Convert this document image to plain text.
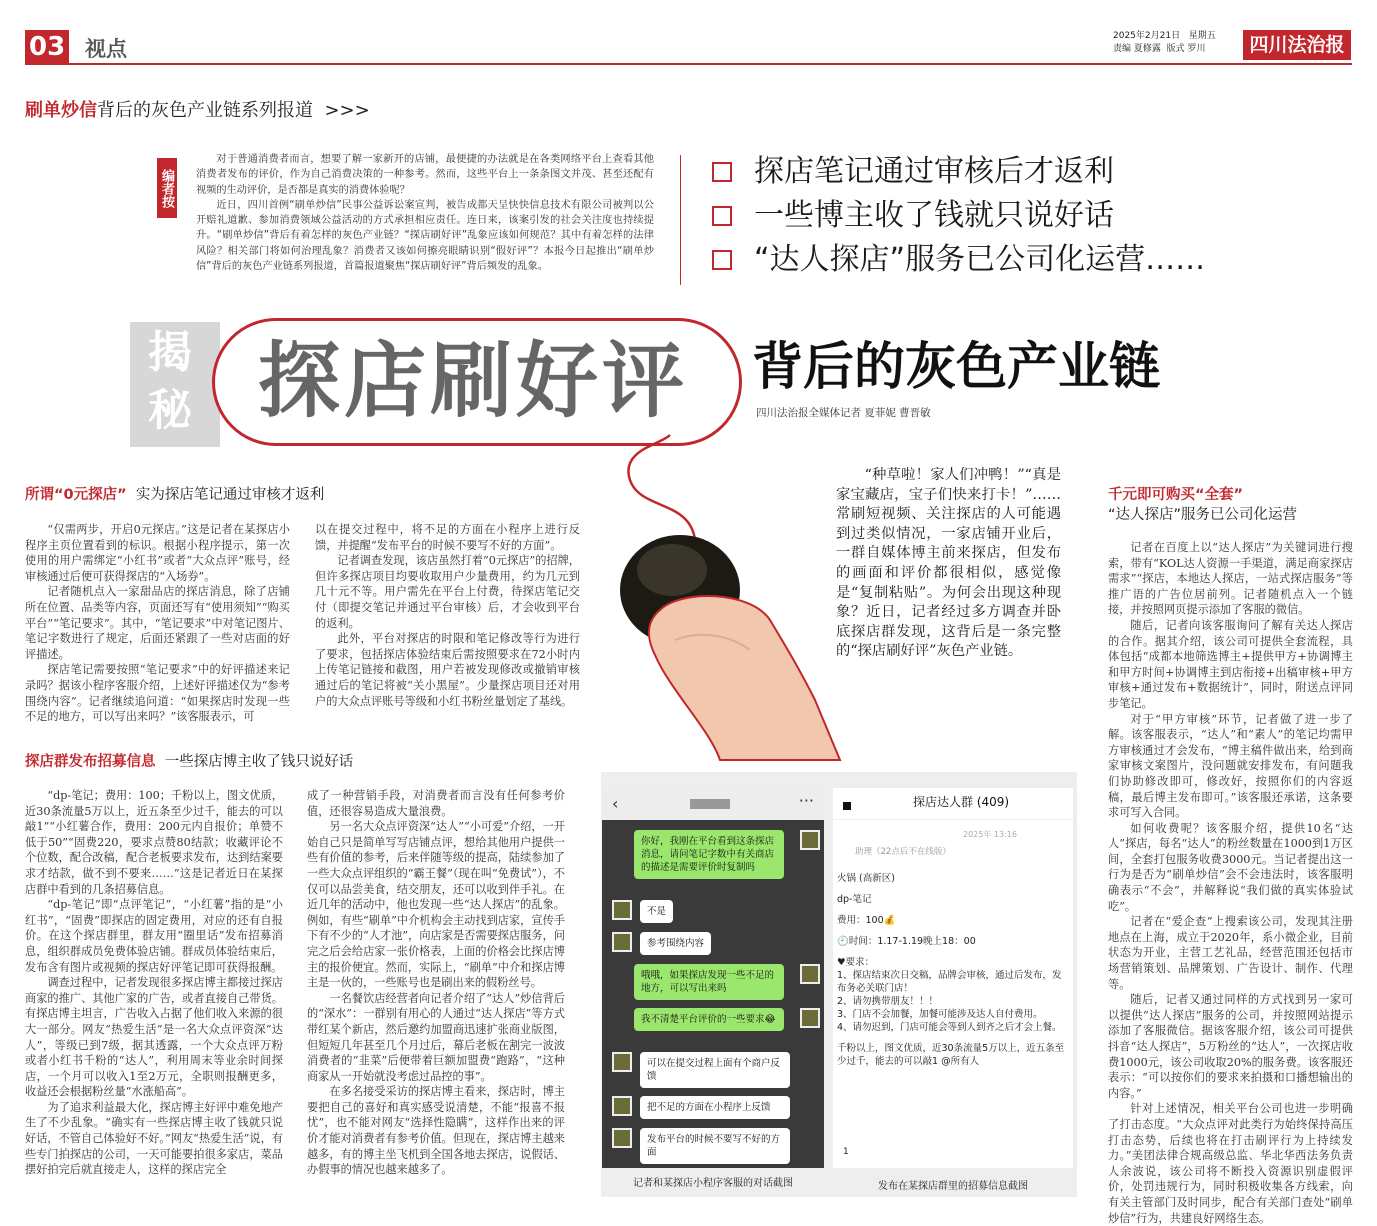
03 视点
2025年2月21日 星期五
责编 夏修露 版式 罗川	四川法治报
刷单炒信背后的灰色产业链系列报道 >>>
编者按

对于普通消费者而言，想要了解一家新开的店铺，最便捷的办法就是在各类网络平台上查看其他消费者发布的评价，作为自己消费决策的一种参考。然而，这些平台上一条条图文并茂、甚至还配有视频的生动评价，是否都是真实的消费体验呢？

近日，四川首例“刷单炒信”民事公益诉讼案宣判，被告成都天呈快快信息技术有限公司被判以公开赔礼道歉、参加消费领域公益活动的方式承担相应责任。连日来，该案引发的社会关注度也持续提升。“刷单炒信”背后有着怎样的灰色产业链？“探店刷好评”乱象应该如何规范？其中有着怎样的法律风险？相关部门将如何治理乱象？消费者又该如何擦亮眼睛识别“假好评”？本报今日起推出“刷单炒信”背后的灰色产业链系列报道，首篇报道聚焦“探店刷好评”背后频发的乱象。

探店笔记通过审核后才返利
一些博主收了钱就只说好话
“达人探店”服务已公司化运营……
揭秘 探店刷好评 背后的灰色产业链
四川法治报全媒体记者 夏菲妮 曹晋敏
“种草啦！家人们冲鸭！”“真是家宝藏店，宝子们快来打卡！”……常刷短视频、关注探店的人可能遇到过类似情况，一家店铺开业后，一群自媒体博主前来探店，但发布的画面和评价都很相似，感觉像是“复制粘贴”。为何会出现这种现象？近日，记者经过多方调查并卧底探店群发现，这背后是一条完整的“探店刷好评”灰色产业链。
所谓“0元探店” 实为探店笔记通过审核才返利

“仅需两步，开启0元探店。”这是记者在某探店小程序主页位置看到的标识。根据小程序提示，第一次使用的用户需绑定“小红书”或者“大众点评”账号，经审核通过后便可获得探店的“入场券”。

记者随机点入一家甜品店的探店消息，除了店铺所在位置、品类等内容，页面还写有“使用须知”“购买平台”“笔记要求”。其中，“笔记要求”中对笔记图片、笔记字数进行了规定，后面还紧跟了一些对店面的好评描述。

探店笔记需要按照“笔记要求”中的好评描述来记录吗？据该小程序客服介绍，上述好评描述仅为“参考围绕内容”。记者继续追问道：“如果探店时发现一些不足的地方，可以写出来吗？”该客服表示，可

以在提交过程中，将不足的方面在小程序上进行反馈，并提醒“发布平台的时候不要写不好的方面”。

记者调查发现，该店虽然打着“0元探店”的招牌，但许多探店项目均要收取用户少量费用，约为几元到几十元不等。用户需先在平台上付费，待探店笔记交付（即提交笔记并通过平台审核）后，才会收到平台的返利。

此外，平台对探店的时限和笔记修改等行为进行了要求，包括探店体验结束后需按照要求在72小时内上传笔记链接和截图，用户若被发现修改或撤销审核通过后的笔记将被“关小黑屋”。少量探店项目还对用户的大众点评账号等级和小红书粉丝量划定了基线。

探店群发布招募信息 一些探店博主收了钱只说好话

“dp-笔记；费用：100；千粉以上，图文优质，近30条流量5万以上，近五条至少过千，能去的可以敲1”“小红薯合作，费用：200元内自报价；单赞不低于50”“固费220，要求点赞80结款；收藏评论不个位数，配合改稿，配合老板要求发布，达到结案要求才结款，做不到不要来……”这是记者近日在某探店群中看到的几条招募信息。

“dp-笔记”即“点评笔记”，“小红薯”指的是“小红书”，“固费”即探店的固定费用，对应的还有自报价。在这个探店群里，群友用“圈里话”发布招募消息，组织群成员免费体验店铺。群成员体验结束后，发布含有图片或视频的探店好评笔记即可获得报酬。

调查过程中，记者发现很多探店博主都接过探店商家的推广、其他广家的广告，或者直接自己带货。有探店博主坦言，广告收入占据了他们收入来源的很大一部分。网友“热爱生活”是一名大众点评资深“达人”，等级已到7级，据其透露，一个大众点评万粉或者小红书千粉的“达人”，利用周末等业余时间探店，一个月可以收入1至2万元，全职则报酬更多，收益还会根据粉丝量“水涨船高”。

为了追求利益最大化，探店博主好评中难免地产生了不少乱象。“确实有一些探店博主收了钱就只说好话，不管自己体验好不好。”网友“热爱生活”说，有些专门拍探店的公司，一天可能要拍很多家店，菜品摆好拍完后就直接走人，这样的探店完全

成了一种营销手段，对消费者而言没有任何参考价值，还很容易造成大量浪费。

另一名大众点评资深“达人”“小可爱”介绍，一开始自己只是简单写写店铺点评，想给其他用户提供一些有价值的参考，后来伴随等级的提高，陆续参加了一些大众点评组织的“霸王餐”（现在叫“免费试”），不仅可以品尝美食，结交朋友，还可以收到伴手礼。在近几年的活动中，他也发现一些“达人探店”的乱象。例如，有些“刷单”中介机构会主动找到店家，宣传手下有不少的“人才池”，向店家是否需要探店服务，问完之后会给店家一张价格表，上面的价格会比探店博主的报价便宜。然而，实际上，“刷单”中介和探店博主是一伙的，一些账号也是刷出来的假粉丝号。

一名餐饮店经营者向记者介绍了“达人”炒信背后的“深水”：一群别有用心的人通过“达人探店”等方式带红某个新店，然后邀约加盟商迅速扩张商业版图，但短短几年甚至几个月过后，幕后老板在割完一波波消费者的“韭菜”后便带着巨额加盟费“跑路”，“这种商家从一开始就没考虑过品控的事”。

在多名接受采访的探店博主看来，探店时，博主要把自己的喜好和真实感受说清楚，不能“报喜不报忧”，也不能对网友“选择性隐瞒”，这样作出来的评价才能对消费者有参考价值。但现在，探店博主越来越多，有的博主坐飞机到全国各地去探店，说假话、办假事的情况也越来越多了。

千元即可购买“全套”
“达人探店”服务已公司化运营

记者在百度上以“达人探店”为关键词进行搜索，带有“KOL达人资源一手渠道，满足商家探店需求”“探店，本地达人探店，一站式探店服务”等推广语的广告位居前列。记者随机点入一个链接，并按照网页提示添加了客服的微信。

随后，记者向该客服询问了解有关达人探店的合作。据其介绍，该公司可提供全套流程，具体包括“成都本地筛选博主+提供甲方+协调博主和甲方时间+协调博主到店衔接+出稿审核+甲方审核+通过发布+数据统计”，同时，附送点评同步笔记。

对于“甲方审核”环节，记者做了进一步了解。该客服表示，“达人”和“素人”的笔记均需甲方审核通过才会发布，“博主稿件做出来，给到商家审核文案图片，没问题就安排发布，有问题我们协助修改即可，修改好，按照你们的内容返稿，最后博主发布即可。”该客服还承诺，这条要求可写入合同。

如何收费呢？该客服介绍，提供10名“达人”探店，每名“达人”的粉丝数量在1000到1万区间，全套打包服务收费3000元。当记者提出这一行为是否为“刷单炒信”会不会违法时，该客服明确表示“不会”，并解释说“我们做的真实体验试吃”。

记者在“爱企查”上搜索该公司，发现其注册地点在上海，成立于2020年，系小微企业，目前状态为开业，主营工艺礼品，经营范围还包括市场营销策划、品牌策划、广告设计、制作、代理等。

随后，记者又通过同样的方式找到另一家可以提供“达人探店”服务的公司，并按照网站提示添加了客服微信。据该客服介绍，该公司可提供抖音“达人探店”，5万粉丝的“达人”，一次探店收费1000元，该公司收取20%的服务费。该客服还表示：“可以按你们的要求来拍摄和口播想输出的内容。”

针对上述情况，相关平台公司也进一步明确了打击态度。“大众点评对此类行为始终保持高压打击态势，后续也将在打击刷评行为上持续发力。”美团法律合规高级总监、华北华西法务负责人余波说，该公司将不断投入资源识别虚假评价，处罚违规行为，同时积极收集各方线索，向有关主管部门及时同步，配合有关部门查处“刷单炒信”行为，共建良好网络生态。

‹	···
你好，我刚在平台看到这条探店消息，请问笔记字数中有关商店的描述是需要评价时复制吗
不是
参考围绕内容
哦哦，如果探店发现一些不足的地方，可以写出来吗
我不清楚平台评价的一些要求😂
可以在提交过程上面有个商户反馈
把不足的方面在小程序上反馈
发布平台的时候不要写不好的方面
记者和某探店小程序客服的对话截图
探店达人群 (409)
2025年 13:16
助理（22点后不在线版）
火锅 (高新区)
dp-笔记
费用：100💰
🕘时间：1.17-1.19晚上18：00
♥要求：
1、探店结束次日交稿，品牌会审核，通过后发布，发布务必关联门店！
2、请勿携带朋友！！！
3、门店不会加餐，加餐可能涉及达人自付费用。
4、请勿迟到，门店可能会等到人到齐之后才会上餐。
千粉以上，图文优质，近30条流量5万以上，近五条至少过千，能去的可以敲1 @所有人
1
发布在某探店群里的招募信息截图
